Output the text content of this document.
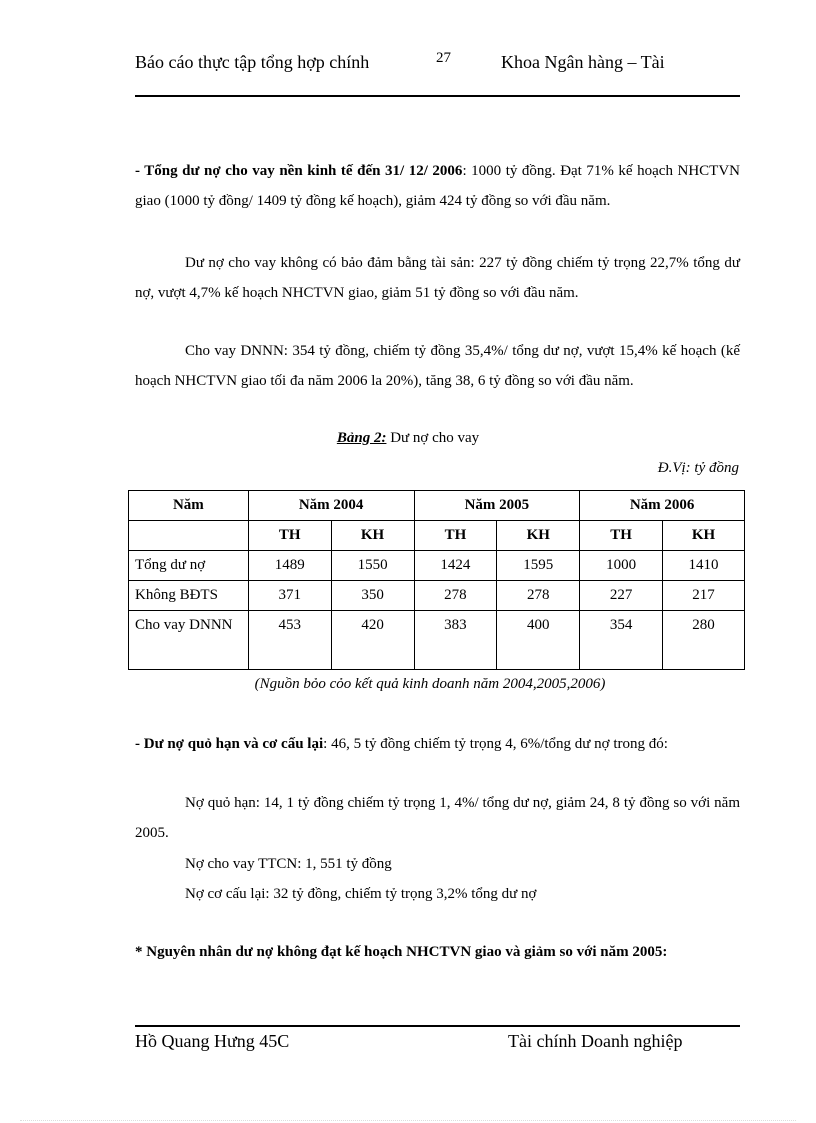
Báo cáo thực tập tổng hợp chính	27	Khoa Ngân hàng – Tài
- Tổng dư nợ cho vay nền kinh tế đến 31/ 12/ 2006: 1000 tỷ đồng. Đạt 71% kế hoạch NHCTVN giao (1000 tỷ đồng/ 1409 tỷ đồng kế hoạch), giảm 424 tỷ đồng so với đầu năm.
Dư nợ cho vay không có bảo đảm bằng tài sản: 227 tỷ đồng chiếm tỷ trọng 22,7% tổng dư nợ, vượt 4,7% kế hoạch NHCTVN giao, giảm 51 tỷ đồng so với đầu năm.
Cho vay DNNN: 354 tỷ đồng, chiếm tỷ đồng 35,4%/ tổng dư nợ, vượt 15,4% kế hoạch (kế hoạch NHCTVN giao tối đa năm 2006 la 20%), tăng 38, 6 tỷ đồng so với đầu năm.
Bảng 2: Dư nợ cho vay
Đ.Vị: tỷ đồng
Năm	Năm 2004		Năm 2005		Năm 2006	
	TH	KH	TH	KH	TH	KH
Tổng dư nợ	1489	1550	1424	1595	1000	1410
Không BĐTS	371	350	278	278	227	217
Cho vay DNNN	453	420	383	400	354	280
(Nguồn bỏo cỏo kết quả kinh doanh năm 2004,2005,2006)
- Dư nợ quỏ hạn và cơ cấu lại: 46, 5 tỷ đồng chiếm tỷ trọng 4, 6%/tổng dư nợ trong đó:
Nợ quỏ hạn: 14, 1 tỷ đồng chiếm tỷ trọng 1, 4%/ tổng dư nợ, giảm 24, 8 tỷ đồng so với năm 2005.
Nợ cho vay TTCN: 1, 551 tỷ đồng
Nợ cơ cấu lại: 32 tỷ đồng, chiếm tỷ trọng 3,2% tổng dư nợ
* Nguyên nhân dư nợ không đạt kế hoạch NHCTVN giao và giảm so với năm 2005:
Hồ Quang Hưng 45C	Tài chính Doanh nghiệp
